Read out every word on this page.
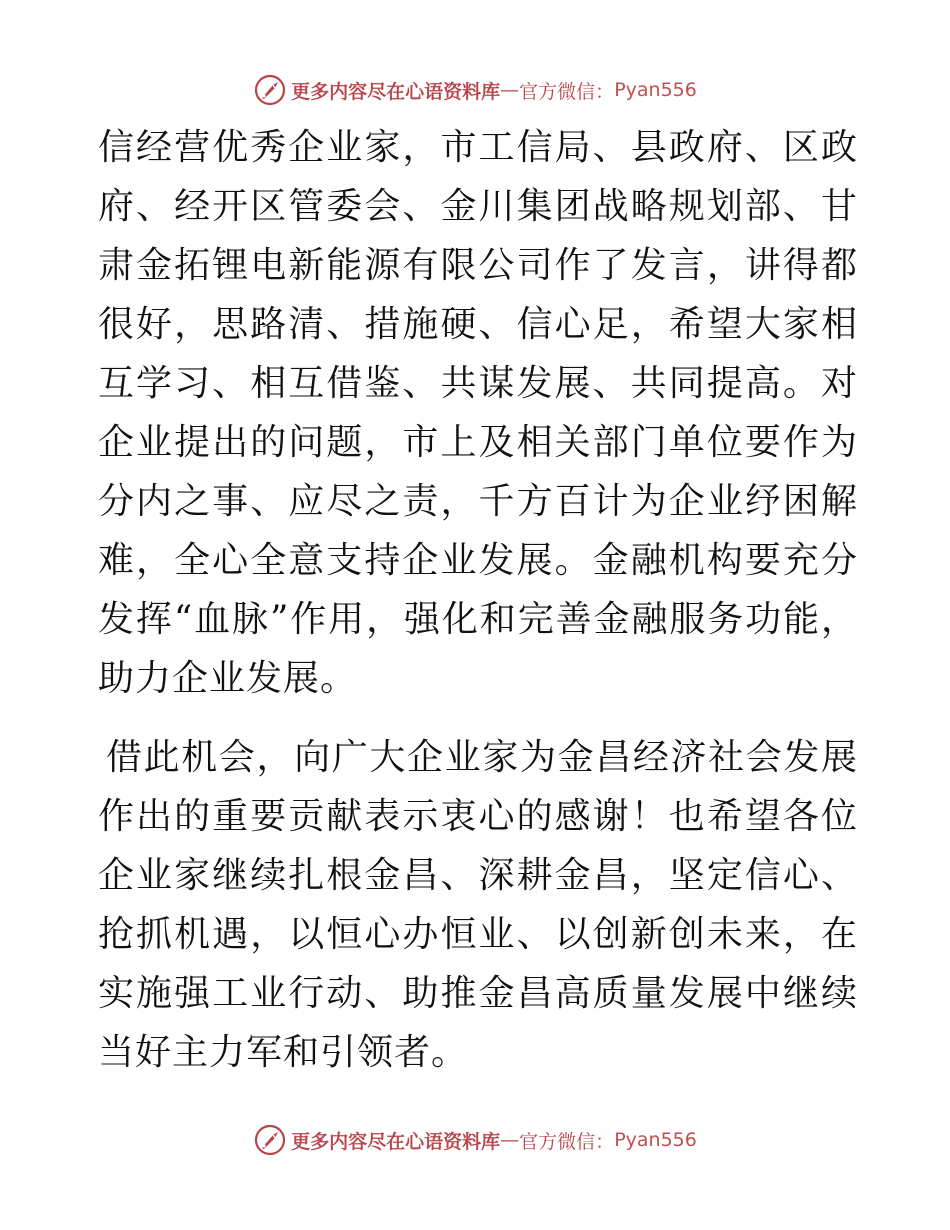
更多内容尽在心语资料库 — 官方微信： Pyan556

信经营优秀企业家，市工信局、县政府、区政府、经开区管委会、金川集团战略规划部、甘肃金拓锂电新能源有限公司作了发言，讲得都很好，思路清、措施硬、信心足，希望大家相互学习、相互借鉴、共谋发展、共同提高。对企业提出的问题，市上及相关部门单位要作为分内之事、应尽之责，千方百计为企业纾困解难，全心全意支持企业发展。金融机构要充分发挥“血脉”作用，强化和完善金融服务功能，助力企业发展。

借此机会，向广大企业家为金昌经济社会发展作出的重要贡献表示衷心的感谢！也希望各位企业家继续扎根金昌、深耕金昌，坚定信心、抢抓机遇，以恒心办恒业、以创新创未来，在实施强工业行动、助推金昌高质量发展中继续当好主力军和引领者。

更多内容尽在心语资料库 — 官方微信： Pyan556
